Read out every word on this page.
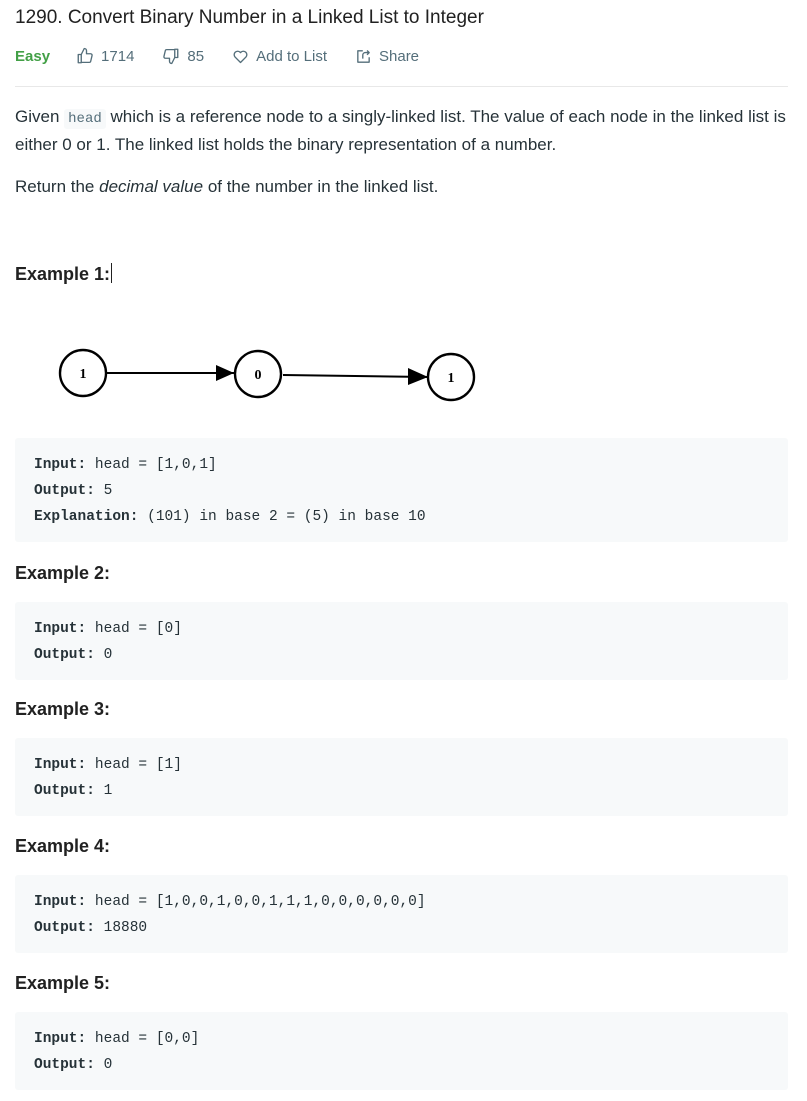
1290. Convert Binary Number in a Linked List to Integer
Easy	1714	85	Add to List	Share

Given head which is a reference node to a singly-linked list. The value of each node in the linked list is either 0 or 1. The linked list holds the binary representation of a number.

Return the decimal value of the number in the linked list.

Example 1:
1	0	1
Input: head = [1,0,1]
Output: 5
Explanation: (101) in base 2 = (5) in base 10
Example 2:
Input: head = [0]
Output: 0
Example 3:
Input: head = [1]
Output: 1
Example 4:
Input: head = [1,0,0,1,0,0,1,1,1,0,0,0,0,0,0]
Output: 18880
Example 5:
Input: head = [0,0]
Output: 0
